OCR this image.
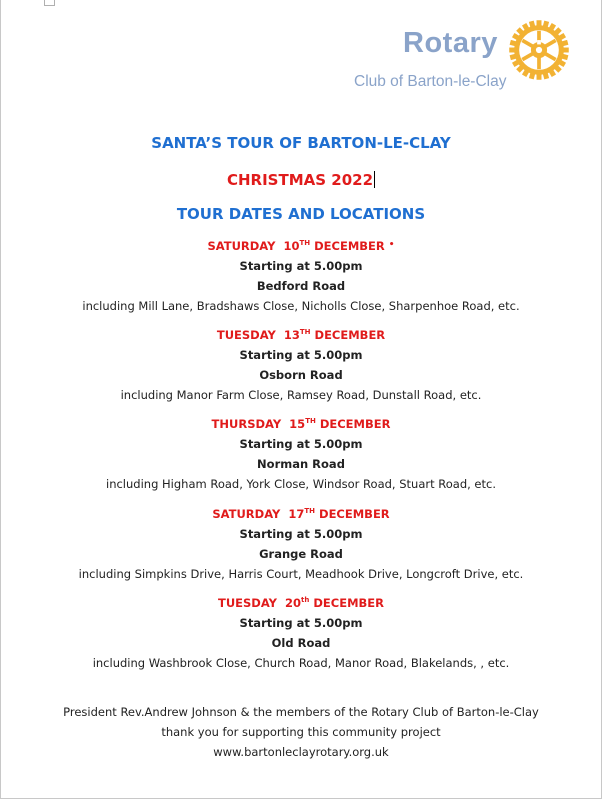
Rotary
Club of Barton-le-Clay
SANTA’S TOUR OF BARTON-LE-CLAY
CHRISTMAS 2022
TOUR DATES AND LOCATIONS
SATURDAY 10TH DECEMBER •
Starting at 5.00pm
Bedford Road
including Mill Lane, Bradshaws Close, Nicholls Close, Sharpenhoe Road, etc.
TUESDAY 13TH DECEMBER
Starting at 5.00pm
Osborn Road
including Manor Farm Close, Ramsey Road, Dunstall Road, etc.
THURSDAY 15TH DECEMBER
Starting at 5.00pm
Norman Road
including Higham Road, York Close, Windsor Road, Stuart Road, etc.
SATURDAY 17TH DECEMBER
Starting at 5.00pm
Grange Road
including Simpkins Drive, Harris Court, Meadhook Drive, Longcroft Drive, etc.
TUESDAY 20th DECEMBER
Starting at 5.00pm
Old Road
including Washbrook Close, Church Road, Manor Road, Blakelands, , etc.
President Rev.Andrew Johnson & the members of the Rotary Club of Barton-le-Clay
thank you for supporting this community project
www.bartonleclayrotary.org.uk
